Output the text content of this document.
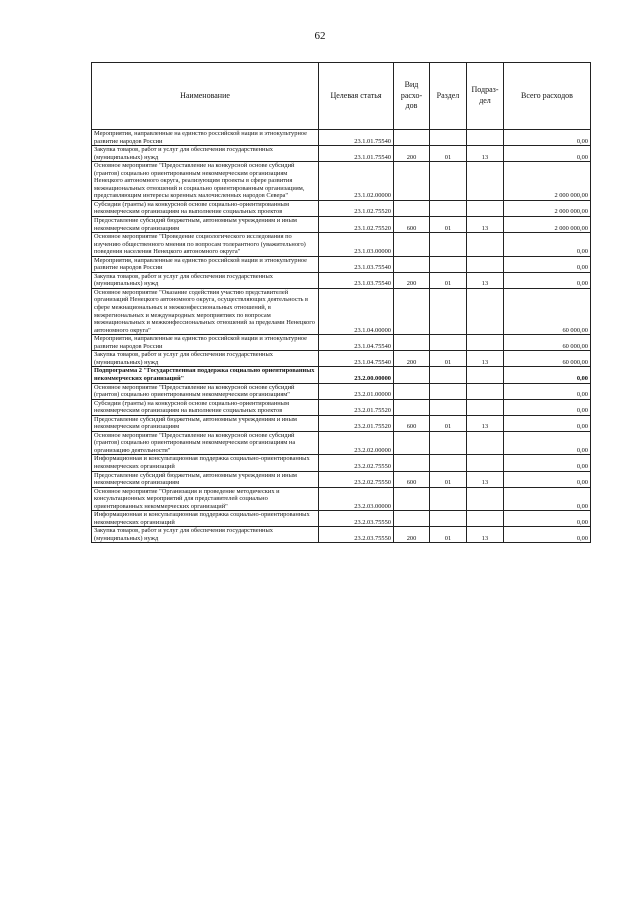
62
Наименование	Целевая статья	Вид расхо-дов	Раздел	Подраз-дел	Всего расходов
Мероприятия, направленные на единство российской нации и этнокультурное развитие народов России	23.1.01.75540				0,00
Закупка товаров, работ и услуг для обеспечения государственных (муниципальных) нужд	23.1.01.75540	200	01	13	0,00
Основное мероприятие "Предоставление на конкурсной основе субсидий (грантов) социально ориентированным некоммерческим организациям Ненецкого автономного округа, реализующим проекты в сфере развития межнациональных отношений и социально ориентированным организациям, представляющим интересы коренных малочисленных народов Севера"	23.1.02.00000				2 000 000,00
Субсидии (гранты) на конкурсной основе социально-ориентированным некоммерческим организациям на выполнение социальных проектов	23.1.02.75520				2 000 000,00
Предоставление субсидий бюджетным, автономным учреждениям и иным некоммерческим организациям	23.1.02.75520	600	01	13	2 000 000,00
Основное мероприятие "Проведение социологического исследования по изучению общественного мнения по вопросам толерантного (уважительного) поведения населения Ненецкого автономного округа"	23.1.03.00000				0,00
Мероприятия, направленные на единство российской нации и этнокультурное развитие народов России	23.1.03.75540				0,00
Закупка товаров, работ и услуг для обеспечения государственных (муниципальных) нужд	23.1.03.75540	200	01	13	0,00
Основное мероприятие "Оказание содействия участию представителей организаций Ненецкого автономного округа, осуществляющих деятельность в сфере межнациональных и межконфессиональных отношений, в межрегиональных и международных мероприятиях по вопросам межнациональных и межконфессиональных отношений за пределами Ненецкого автономного округа"	23.1.04.00000				60 000,00
Мероприятия, направленные на единство российской нации и этнокультурное развитие народов России	23.1.04.75540				60 000,00
Закупка товаров, работ и услуг для обеспечения государственных (муниципальных) нужд	23.1.04.75540	200	01	13	60 000,00
Подпрограмма 2 "Государственная поддержка социально ориентированных некоммерческих организаций"	23.2.00.00000				0,00
Основное мероприятие "Предоставление на конкурсной основе субсидий (грантов) социально ориентированным некоммерческим организациям"	23.2.01.00000				0,00
Субсидии (гранты) на конкурсной основе социально-ориентированным некоммерческим организациям на выполнение социальных проектов	23.2.01.75520				0,00
Предоставление субсидий бюджетным, автономным учреждениям и иным некоммерческим организациям	23.2.01.75520	600	01	13	0,00
Основное мероприятие "Предоставление на конкурсной основе субсидий (грантов) социально ориентированным некоммерческим организациям на организацию деятельности"	23.2.02.00000				0,00
Информационная и консультационная поддержка социально-ориентированных некоммерческих организаций	23.2.02.75550				0,00
Предоставление субсидий бюджетным, автономным учреждениям и иным некоммерческим организациям	23.2.02.75550	600	01	13	0,00
Основное мероприятие "Организация и проведение методических и консультационных мероприятий для представителей социально ориентированных некоммерческих организаций"	23.2.03.00000				0,00
Информационная и консультационная поддержка социально-ориентированных некоммерческих организаций	23.2.03.75550				0,00
Закупка товаров, работ и услуг для обеспечения государственных (муниципальных) нужд	23.2.03.75550	200	01	13	0,00
